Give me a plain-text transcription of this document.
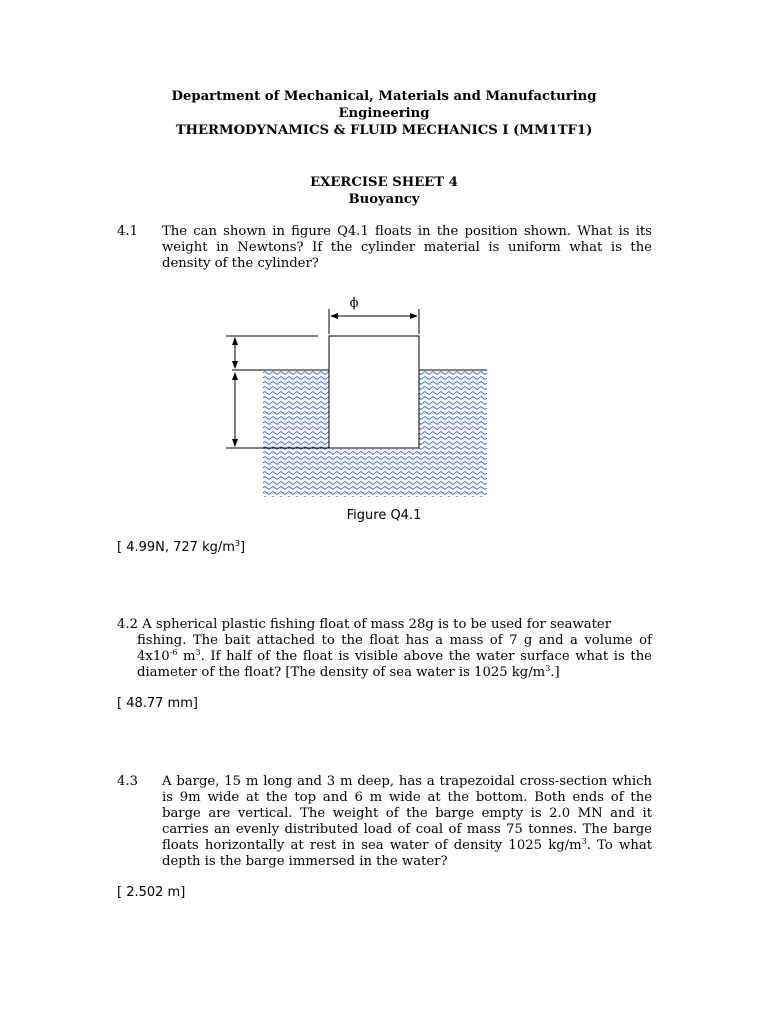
Department of Mechanical, Materials and Manufacturing
Engineering
THERMODYNAMICS & FLUID MECHANICS I (MM1TF1)
EXERCISE SHEET 4
Buoyancy
4.1 The can shown in figure Q4.1 floats in the position shown. What is its weight in Newtons? If the cylinder material is uniform what is the density of the cylinder?
ϕ
Figure Q4.1
[ 4.99N, 727 $kg/m^3$]
4.2 A spherical plastic fishing float of mass 28g is to be used for seawater
fishing. The bait attached to the float has a mass of 7 g and a volume of $4x10^{-6}$ $m^3$. If half of the float is visible above the water surface what is the diameter of the float? [The density of sea water is 1025 $kg/m^3$.]
[ 48.77 mm]
4.3 A barge, 15 m long and 3 m deep, has a trapezoidal cross-section which is 9m wide at the top and 6 m wide at the bottom. Both ends of the barge are vertical. The weight of the barge empty is 2.0 MN and it carries an evenly distributed load of coal of mass 75 tonnes. The barge floats horizontally at rest in sea water of density 1025 $kg/m^3$. To what depth is the barge immersed in the water?
[ 2.502 m]
